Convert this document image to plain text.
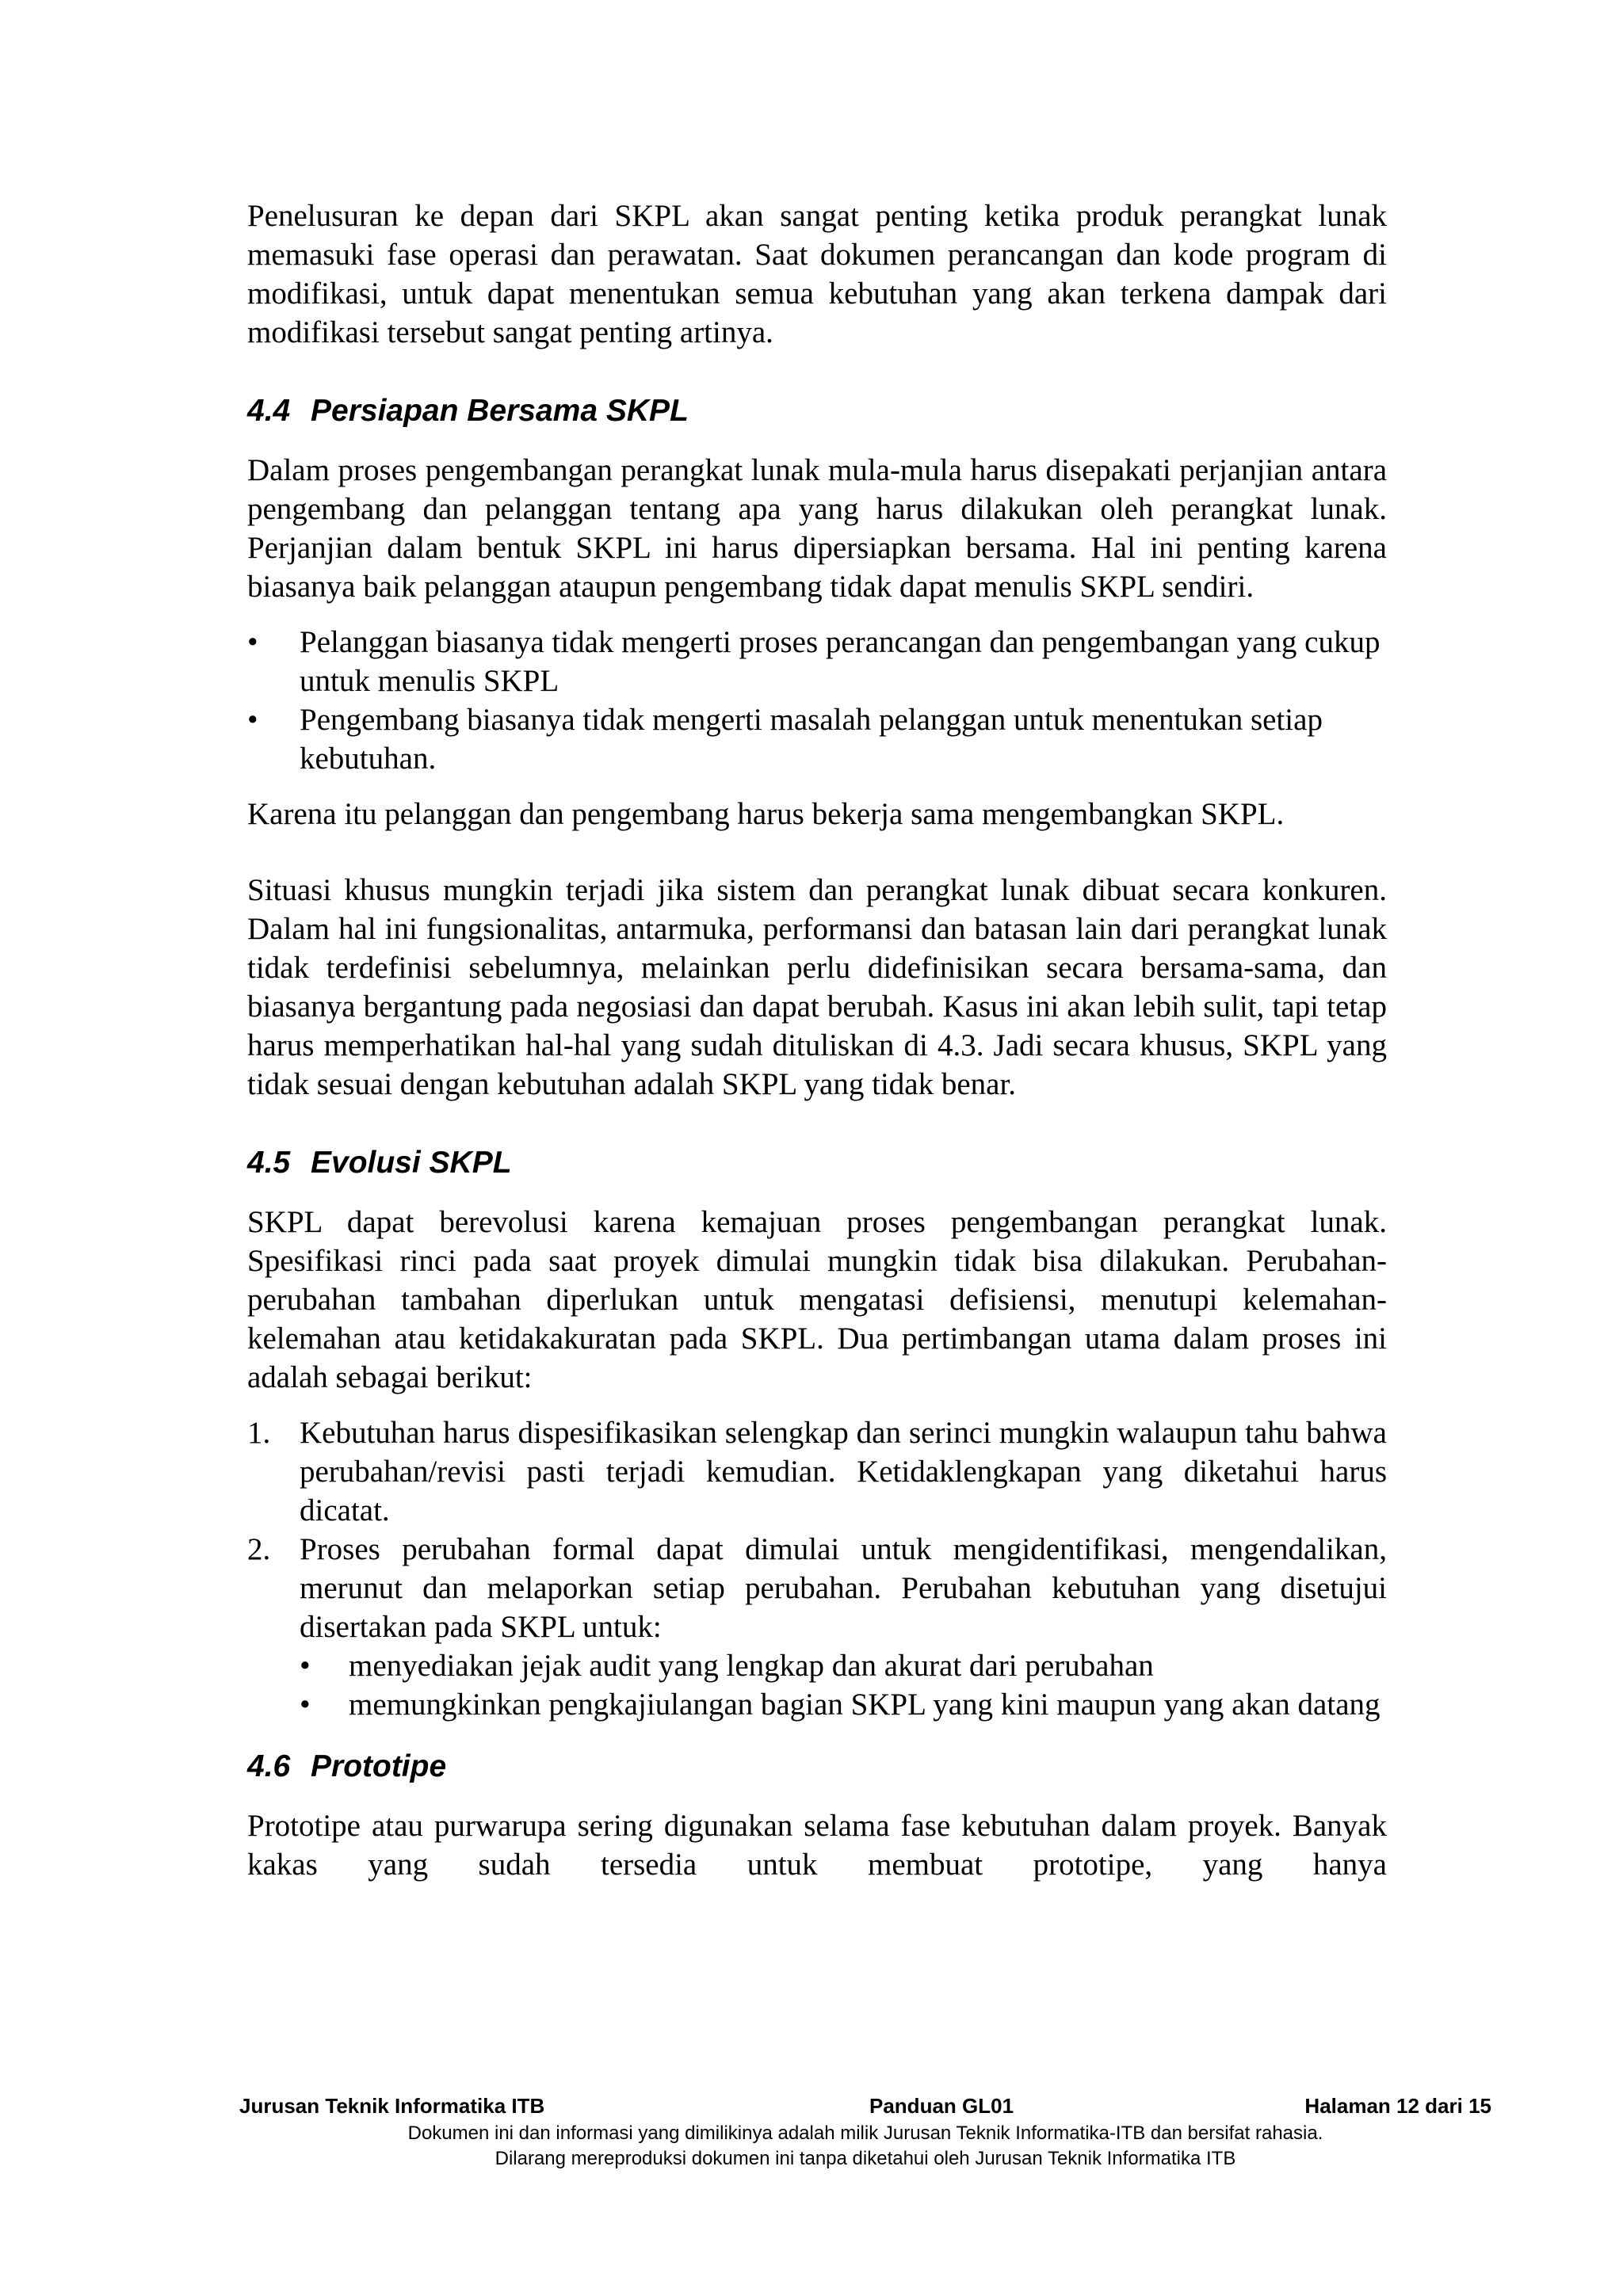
Penelusuran ke depan dari SKPL akan sangat penting ketika produk perangkat lunak memasuki fase operasi dan perawatan. Saat dokumen perancangan dan kode program di modifikasi, untuk dapat menentukan semua kebutuhan yang akan terkena dampak dari modifikasi tersebut sangat penting artinya.

4.4 Persiapan Bersama SKPL

Dalam proses pengembangan perangkat lunak mula-mula harus disepakati perjanjian antara pengembang dan pelanggan tentang apa yang harus dilakukan oleh perangkat lunak. Perjanjian dalam bentuk SKPL ini harus dipersiapkan bersama. Hal ini penting karena biasanya baik pelanggan ataupun pengembang tidak dapat menulis SKPL sendiri.

•	Pelanggan biasanya tidak mengerti proses perancangan dan pengembangan yang cukup untuk menulis SKPL
•	Pengembang biasanya tidak mengerti masalah pelanggan untuk menentukan setiap kebutuhan.

Karena itu pelanggan dan pengembang harus bekerja sama mengembangkan SKPL.

Situasi khusus mungkin terjadi jika sistem dan perangkat lunak dibuat secara konkuren. Dalam hal ini fungsionalitas, antarmuka, performansi dan batasan lain dari perangkat lunak tidak terdefinisi sebelumnya, melainkan perlu didefinisikan secara bersama-sama, dan biasanya bergantung pada negosiasi dan dapat berubah. Kasus ini akan lebih sulit, tapi tetap harus memperhatikan hal-hal yang sudah dituliskan di 4.3. Jadi secara khusus, SKPL yang tidak sesuai dengan kebutuhan adalah SKPL yang tidak benar.

4.5 Evolusi SKPL

SKPL dapat berevolusi karena kemajuan proses pengembangan perangkat lunak. Spesifikasi rinci pada saat proyek dimulai mungkin tidak bisa dilakukan. Perubahan-perubahan tambahan diperlukan untuk mengatasi defisiensi, menutupi kelemahan-kelemahan atau ketidakakuratan pada SKPL. Dua pertimbangan utama dalam proses ini adalah sebagai berikut:

1. Kebutuhan harus dispesifikasikan selengkap dan serinci mungkin walaupun tahu bahwa perubahan/revisi pasti terjadi kemudian. Ketidaklengkapan yang diketahui harus dicatat.
2. Proses perubahan formal dapat dimulai untuk mengidentifikasi, mengendalikan, merunut dan melaporkan setiap perubahan. Perubahan kebutuhan yang disetujui disertakan pada SKPL untuk:
•	menyediakan jejak audit yang lengkap dan akurat dari perubahan
•	memungkinkan pengkajiulangan bagian SKPL yang kini maupun yang akan datang
4.6 Prototipe

Prototipe atau purwarupa sering digunakan selama fase kebutuhan dalam proyek. Banyak kakas yang sudah tersedia untuk membuat prototipe, yang hanya

Jurusan Teknik Informatika ITB	Panduan GL01	Halaman 12 dari 15
Dokumen ini dan informasi yang dimilikinya adalah milik Jurusan Teknik Informatika-ITB dan bersifat rahasia.
Dilarang mereproduksi dokumen ini tanpa diketahui oleh Jurusan Teknik Informatika ITB
